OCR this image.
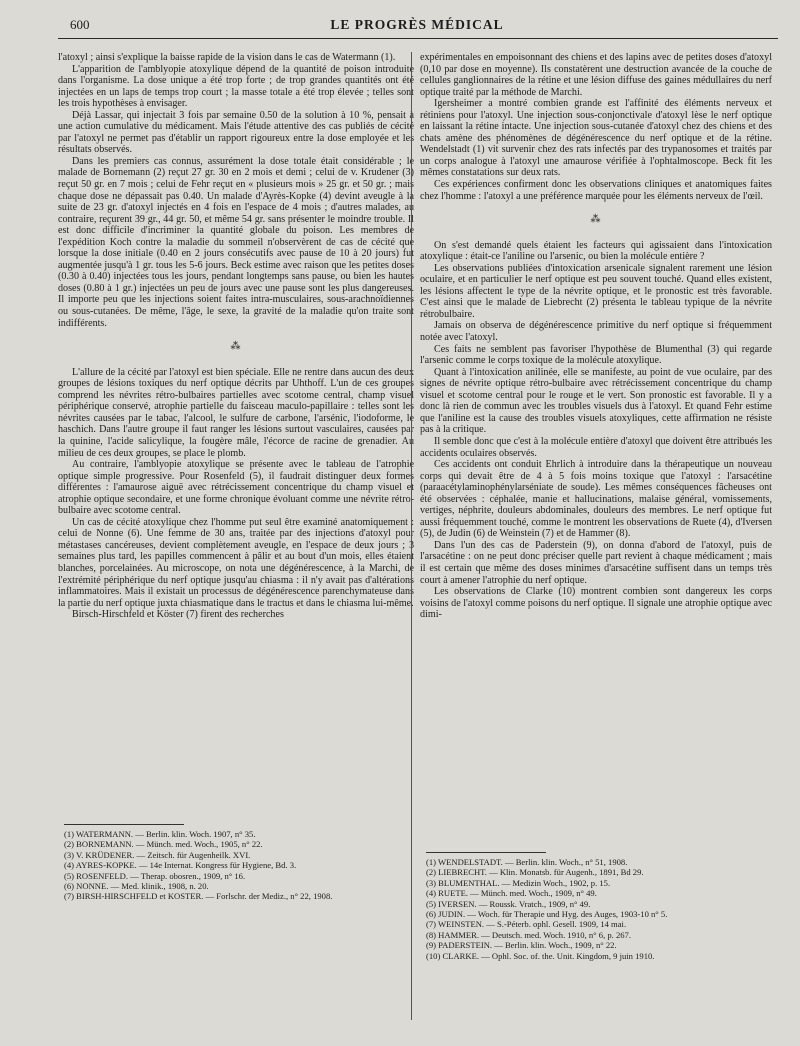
600	LE PROGRÈS MÉDICAL

l'atoxyl ; ainsi s'explique la baisse rapide de la vision dans le cas de Watermann (1).

L'apparition de l'amblyopie atoxylique dépend de la quantité de poison introduite dans l'organisme. La dose unique a été trop forte ; de trop grandes quantités ont été injectées en un laps de temps trop court ; la masse totale a été trop élevée ; telles sont les trois hypothèses à envisager.

Déjà Lassar, qui injectait 3 fois par semaine 0.50 de la solution à 10 %, pensait à une action cumulative du médicament. Mais l'étude attentive des cas publiés de cécité par l'atoxyl ne permet pas d'établir un rapport rigoureux entre la dose employée et les résultats observés.

Dans les premiers cas connus, assurément la dose totale était considérable ; le malade de Bornemann (2) reçut 27 gr. 30 en 2 mois et demi ; celui de v. Krudener (3) reçut 50 gr. en 7 mois ; celui de Fehr reçut en « plusieurs mois » 25 gr. et 50 gr. ; mais chaque dose ne dépassait pas 0.40. Un malade d'Ayrès-Kopke (4) devint aveugle à la suite de 23 gr. d'atoxyl injectés en 4 fois en l'espace de 4 mois ; d'autres malades, au contraire, reçurent 39 gr., 44 gr. 50, et même 54 gr. sans présenter le moindre trouble. Il est donc difficile d'incriminer la quantité globale du poison. Les membres de l'expédition Koch contre la maladie du sommeil n'observèrent de cas de cécité que lorsque la dose initiale (0.40 en 2 jours consécutifs avec pause de 10 à 20 jours) fut augmentée jusqu'à 1 gr. tous les 5-6 jours. Beck estime avec raison que les petites doses (0.30 à 0.40) injectées tous les jours, pendant longtemps sans pause, ou bien les hautes doses (0.80 à 1 gr.) injectées un peu de jours avec une pause sont les plus dangereuses. Il importe peu que les injections soient faites intra-musculaires, sous-arachnoïdiennes ou sous-cutanées. De même, l'âge, le sexe, la gravité de la maladie qu'on traite sont indifférents.

⁂

L'allure de la cécité par l'atoxyl est bien spéciale. Elle ne rentre dans aucun des deux groupes de lésions toxiques du nerf optique décrits par Uhthoff. L'un de ces groupes comprend les névrites rétro-bulbaires partielles avec scotome central, champ visuel périphérique conservé, atrophie partielle du faisceau maculo-papillaire : telles sont les névrites causées par le tabac, l'alcool, le sulfure de carbone, l'arsénic, l'iodoforme, le haschich. Dans l'autre groupe il faut ranger les lésions surtout vasculaires, causées par la quinine, l'acide salicylique, la fougère mâle, l'écorce de racine de grenadier. Au milieu de ces deux groupes, se place le plomb.

Au contraire, l'amblyopie atoxylique se présente avec le tableau de l'atrophie optique simple progressive. Pour Rosenfeld (5), il faudrait distinguer deux formes différentes : l'amaurose aiguë avec rétrécissement concentrique du champ visuel et atrophie optique secondaire, et une forme chronique évoluant comme une névrite rétro-bulbaire avec scotome central.

Un cas de cécité atoxylique chez l'homme put seul être examiné anatomiquement : celui de Nonne (6). Une femme de 30 ans, traitée par des injections d'atoxyl pour métastases cancéreuses, devient complètement aveugle, en l'espace de deux jours ; 3 semaines plus tard, les papilles commencent à pâlir et au bout d'un mois, elles étaient blanches, porcelainées. Au microscope, on nota une dégénérescence, à la Marchi, de l'extrémité périphérique du nerf optique jusqu'au chiasma : il n'y avait pas d'altérations inflammatoires. Mais il existait un processus de dégénérescence parenchymateuse dans la partie du nerf optique juxta chiasmatique dans le tractus et dans le chiasma lui-même.

Birsch-Hirschfeld et Köster (7) firent des recherches

expérimentales en empoisonnant des chiens et des lapins avec de petites doses d'atoxyl (0,10 par dose en moyenne). Ils constatèrent une destruction avancée de la couche de cellules ganglionnaires de la rétine et une lésion diffuse des gaines médullaires du nerf optique traité par la méthode de Marchi.

Igersheimer a montré combien grande est l'affinité des éléments nerveux et rétiniens pour l'atoxyl. Une injection sous-conjonctivale d'atoxyl lèse le nerf optique en laissant la rétine intacte. Une injection sous-cutanée d'atoxyl chez des chiens et des chats amène des phénomènes de dégénérescence du nerf optique et de la rétine. Wendelstadt (1) vit survenir chez des rats infectés par des trypanosomes et traités par un corps analogue à l'atoxyl une amaurose vérifiée à l'ophtalmoscope. Beck fit les mêmes constatations sur deux rats.

Ces expériences confirment donc les observations cliniques et anatomiques faites chez l'homme : l'atoxyl a une préférence marquée pour les éléments nerveux de l'œil.

⁂

On s'est demandé quels étaient les facteurs qui agissaient dans l'intoxication atoxylique : était-ce l'aniline ou l'arsenic, ou bien la molécule entière ?

Les observations publiées d'intoxication arsenicale signalent rarement une lésion oculaire, et en particulier le nerf optique est peu souvent touché. Quand elles existent, les lésions affectent le type de la névrite optique, et le pronostic est très favorable. C'est ainsi que le malade de Liebrecht (2) présenta le tableau typique de la névrite rétrobulbaire.

Jamais on observa de dégénérescence primitive du nerf optique si fréquemment notée avec l'atoxyl.

Ces faits ne semblent pas favoriser l'hypothèse de Blumenthal (3) qui regarde l'arsenic comme le corps toxique de la molécule atoxylique.

Quant à l'intoxication anilinée, elle se manifeste, au point de vue oculaire, par des signes de névrite optique rétro-bulbaire avec rétrécissement concentrique du champ visuel et scotome central pour le rouge et le vert. Son pronostic est favorable. Il y a donc là rien de commun avec les troubles visuels dus à l'atoxyl. Et quand Fehr estime que l'aniline est la cause des troubles visuels atoxyliques, cette affirmation ne résiste pas à la critique.

Il semble donc que c'est à la molécule entière d'atoxyl que doivent être attribués les accidents oculaires observés.

Ces accidents ont conduit Ehrlich à introduire dans la thérapeutique un nouveau corps qui devait être de 4 à 5 fois moins toxique que l'atoxyl : l'arsacétine (paraacétylaminophénylarséniate de soude). Les mêmes conséquences fâcheuses ont été observées : céphalée, manie et hallucinations, malaise général, vomissements, vertiges, néphrite, douleurs abdominales, douleurs des membres. Le nerf optique fut aussi fréquemment touché, comme le montrent les observations de Ruete (4), d'Iversen (5), de Judin (6) de Weinstein (7) et de Hammer (8).

Dans l'un des cas de Paderstein (9), on donna d'abord de l'atoxyl, puis de l'arsacétine : on ne peut donc préciser quelle part revient à chaque médicament ; mais il est certain que même des doses minimes d'arsacétine suffisent dans un temps très court à amener l'atrophie du nerf optique.

Les observations de Clarke (10) montrent combien sont dangereux les corps voisins de l'atoxyl comme poisons du nerf optique. Il signale une atrophie optique avec dimi-

(1) WATERMANN. — Berlin. klin. Woch. 1907, n° 35.
(2) BORNEMANN. — Münch. med. Woch., 1905, n° 22.
(3) V. KRÜDENER. — Zeitsch. für Augenheilk. XVI.
(4) AYRES-KOPKE. — 14e Internat. Kongress für Hygiene, Bd. 3.
(5) ROSENFELD. — Therap. obosren., 1909, n° 16.
(6) NONNE. — Med. klinik., 1908, n. 20.
(7) BIRSH-HIRSCHFELD et KOSTER. — Forlschr. der Mediz., n° 22, 1908.
(1) WENDELSTADT. — Berlin. klin. Woch., n° 51, 1908.
(2) LIEBRECHT. — Klin. Monatsb. für Augenh., 1891, Bd 29.
(3) BLUMENTHAL. — Medizin Woch., 1902, p. 15.
(4) RUETE. — Münch. med. Woch., 1909, n° 49.
(5) IVERSEN. — Roussk. Vratch., 1909, n° 49.
(6) JUDIN. — Woch. für Therapie und Hyg. des Auges, 1903-10 n° 5.
(7) WEINSTEN. — S.-Péterb. ophl. Gesell. 1909, 14 mai.
(8) HAMMER. — Deutsch. med. Woch. 1910, n° 6, p. 267.
(9) PADERSTEIN. — Berlin. klin. Woch., 1909, n° 22.
(10) CLARKE. — Ophl. Soc. of. the. Unit. Kingdom, 9 juin 1910.
